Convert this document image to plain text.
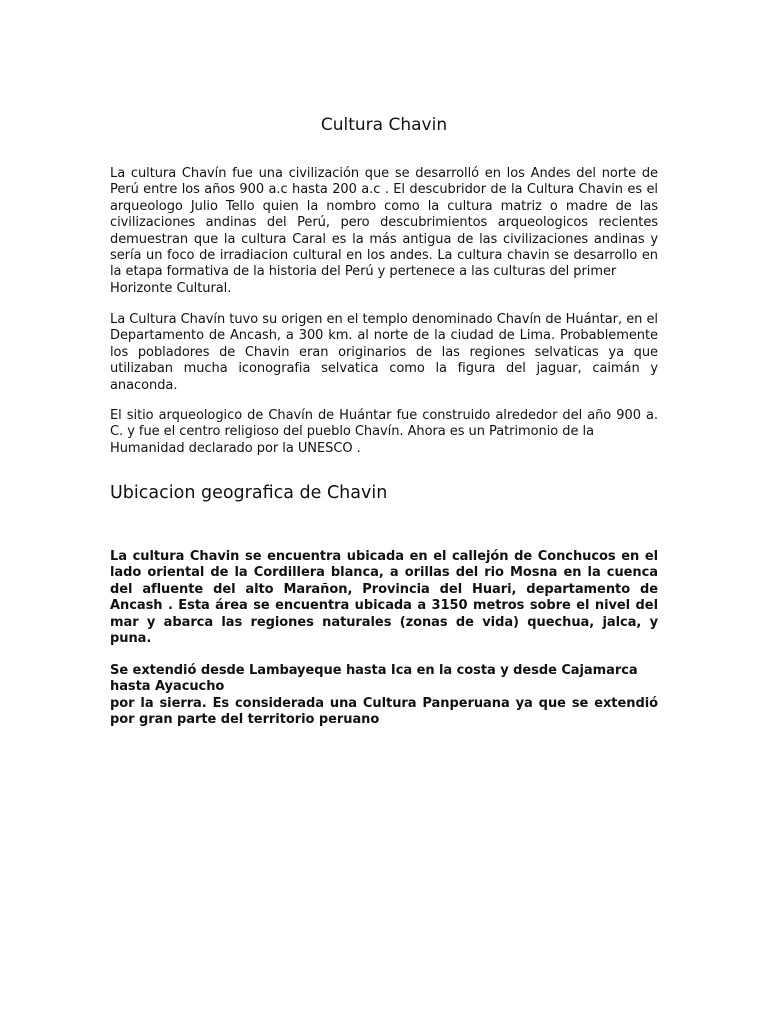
Cultura Chavin
La cultura Chavín fue una civilización que se desarrolló en los Andes del norte de Perú entre los años 900 a.c hasta 200 a.c . El descubridor de la Cultura Chavin es el arqueologo Julio Tello quien la nombro como la cultura matriz o madre de las civilizaciones andinas del Perú, pero descubrimientos arqueologicos recientes demuestran que la cultura Caral es la más antigua de las civilizaciones andinas y sería un foco de irradiacion cultural en los andes. La cultura chavin se desarrollo en la etapa formativa de la historia del Perú y pertenece a las culturas del primer
Horizonte Cultural.

La Cultura Chavín tuvo su origen en el templo denominado Chavín de Huántar, en el Departamento de Ancash, a 300 km. al norte de la ciudad de Lima. Probablemente los pobladores de Chavin eran originarios de las regiones selvaticas ya que utilizaban mucha iconografia selvatica como la figura del jaguar, caimán y anaconda.

El sitio arqueologico de Chavín de Huántar fue construido alrededor del año 900 a. C. y fue el centro religioso del pueblo Chavín. Ahora es un Patrimonio de la
Humanidad declarado por la UNESCO .
Ubicacion geografica de Chavin

La cultura Chavin se encuentra ubicada en el callejón de Conchucos en el lado oriental de la Cordillera blanca, a orillas del rio Mosna en la cuenca del afluente del alto Marañon, Provincia del Huari, departamento de Ancash . Esta área se encuentra ubicada a 3150 metros sobre el nivel del mar y abarca las regiones naturales (zonas de vida) quechua, jalca, y puna.

Se extendió desde Lambayeque hasta Ica en la costa y desde Cajamarca
hasta Ayacucho
por la sierra. Es considerada una Cultura Panperuana ya que se extendió por gran parte del territorio peruano
